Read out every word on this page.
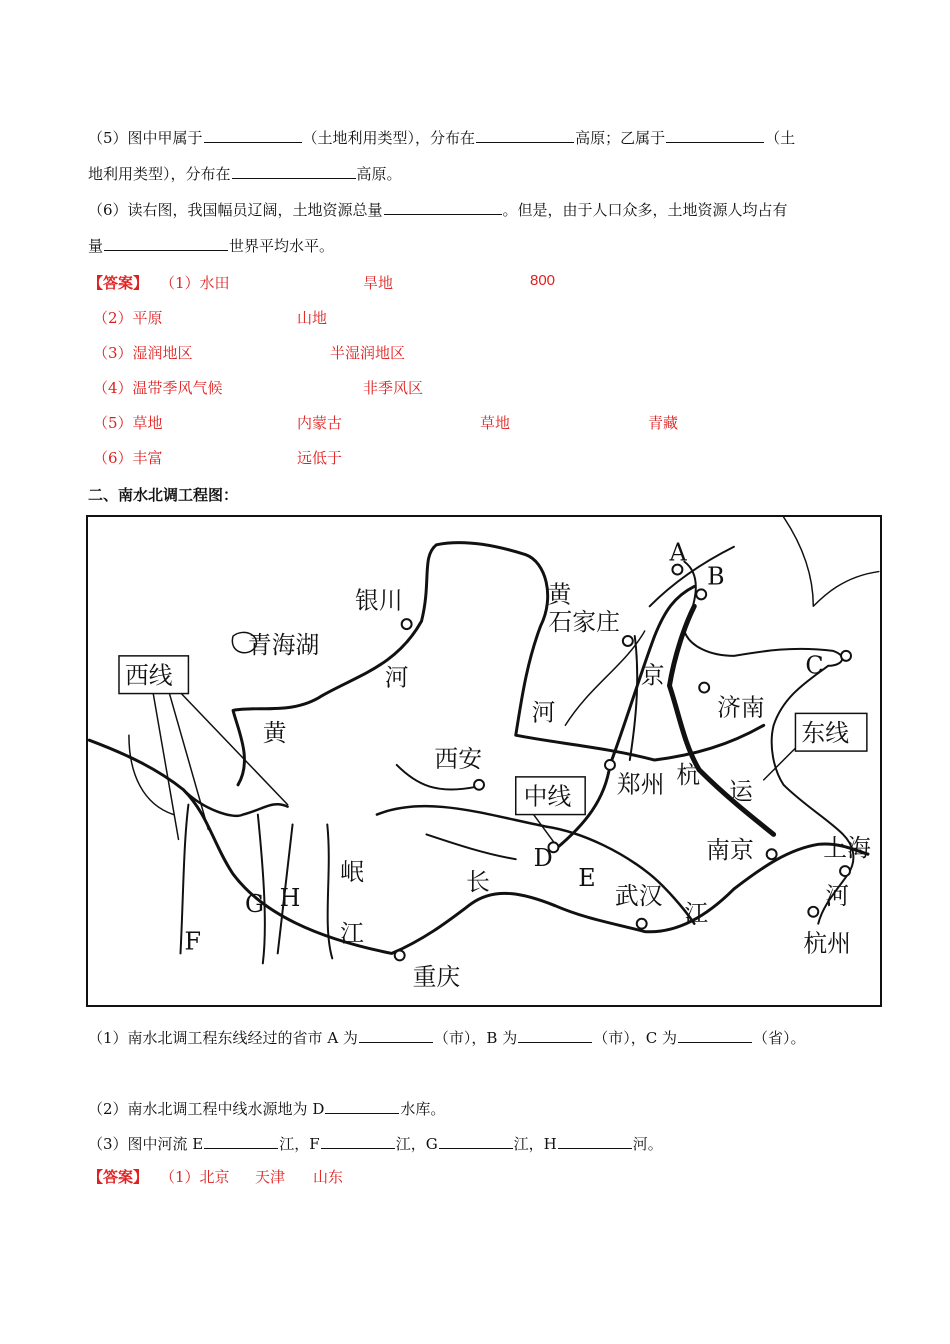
（5）图中甲属于	（土地利用类型），分布在	高原；乙属于	（土
地利用类型），分布在	高原。
（6）读右图，我国幅员辽阔，土地资源总量	。但是，由于人口众多，土地资源人均占有
量	世界平均水平。
【答案】 （1）水田	旱地	800
（2）平原	山地
（3）湿润地区	半湿润地区
（4）温带季风气候	非季风区
（5）草地	内蒙古	草地	青藏
（6）丰富	远低于
二、南水北调工程图：
银川
青海湖
西线	河
黄
黄
石家庄
河
西安
中线 郑州 杭
运
京
济南
东线
A
B
C
D
E
F
G H
岷
江
长	武汉
江
南京	上海
河
杭州
重庆
（1）南水北调工程东线经过的省市 A 为	（市），B 为	（市），C 为	（省）。
（2）南水北调工程中线水源地为 D	水库。
（3）图中河流 E	江，F	江，G	江，H	河。
【答案】 （1）北京 天津 山东
